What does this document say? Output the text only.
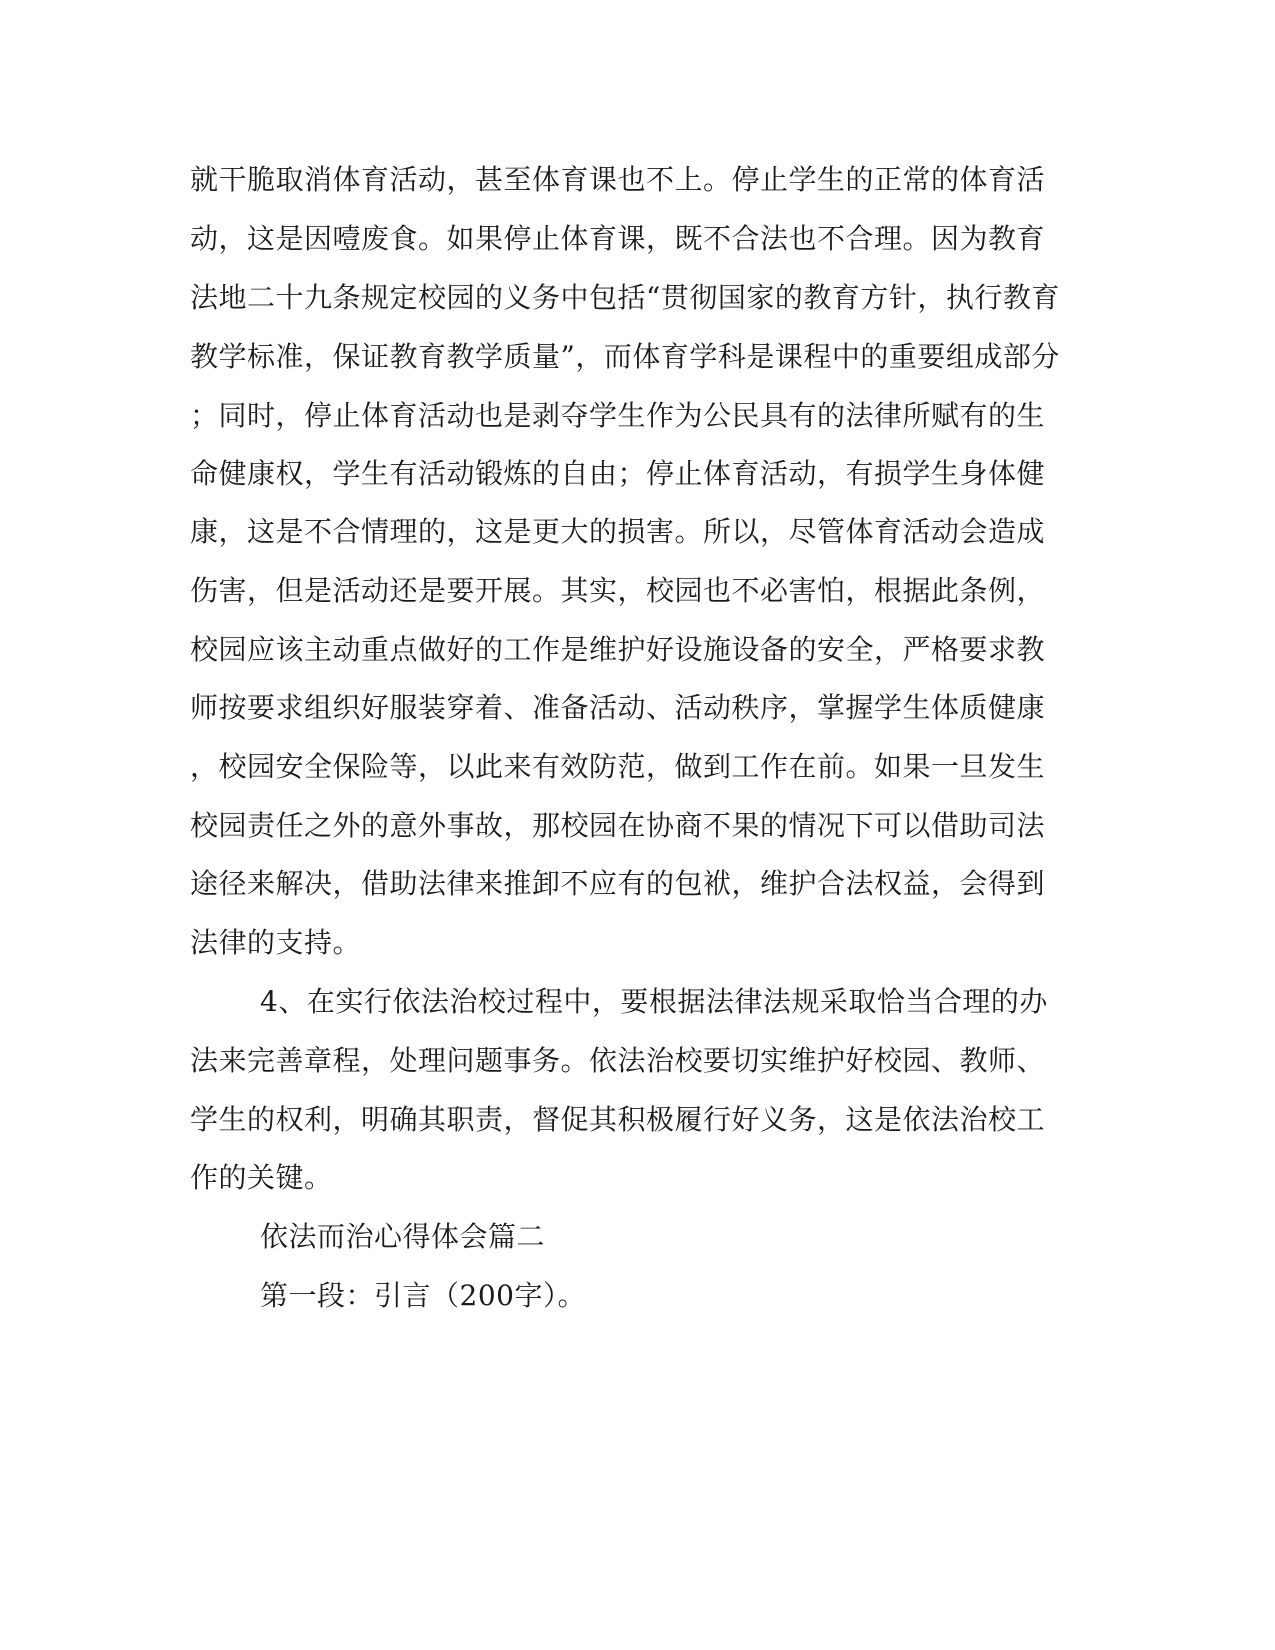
就干脆取消体育活动，甚至体育课也不上。停止学生的正常的体育活
动，这是因噎废食。如果停止体育课，既不合法也不合理。因为教育
法地二十九条规定校园的义务中包括“贯彻国家的教育方针，执行教育
教学标准，保证教育教学质量”，而体育学科是课程中的重要组成部分
；同时，停止体育活动也是剥夺学生作为公民具有的法律所赋有的生
命健康权，学生有活动锻炼的自由；停止体育活动，有损学生身体健
康，这是不合情理的，这是更大的损害。所以，尽管体育活动会造成
伤害，但是活动还是要开展。其实，校园也不必害怕，根据此条例，
校园应该主动重点做好的工作是维护好设施设备的安全，严格要求教
师按要求组织好服装穿着、准备活动、活动秩序，掌握学生体质健康
，校园安全保险等，以此来有效防范，做到工作在前。如果一旦发生
校园责任之外的意外事故，那校园在协商不果的情况下可以借助司法
途径来解决，借助法律来推卸不应有的包袱，维护合法权益，会得到
法律的支持。
4、在实行依法治校过程中，要根据法律法规采取恰当合理的办
法来完善章程，处理问题事务。依法治校要切实维护好校园、教师、
学生的权利，明确其职责，督促其积极履行好义务，这是依法治校工
作的关键。
依法而治心得体会篇二
第一段：引言（200字）。
